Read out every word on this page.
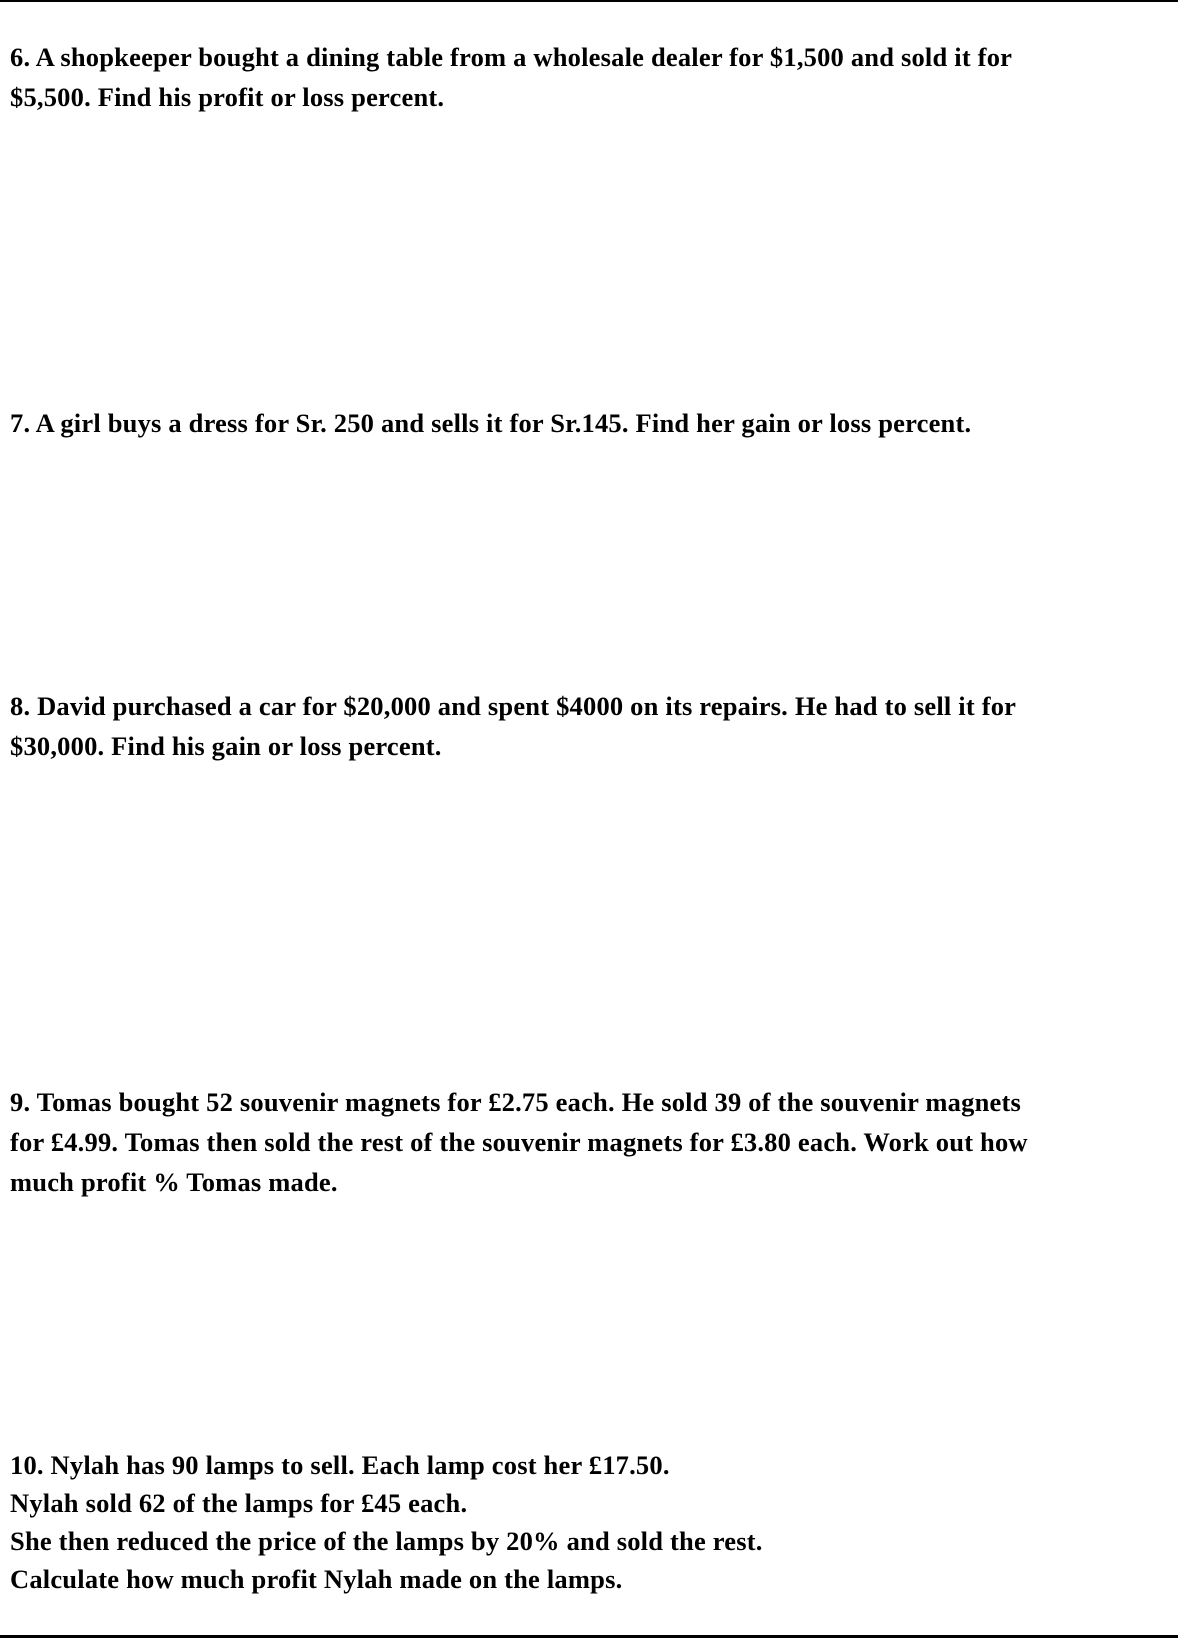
6. A shopkeeper bought a dining table from a wholesale dealer for $1,500 and sold it for
$5,500. Find his profit or loss percent.
7. A girl buys a dress for Sr. 250 and sells it for Sr.145. Find her gain or loss percent.
8. David purchased a car for $20,000 and spent $4000 on its repairs. He had to sell it for
$30,000. Find his gain or loss percent.
9. Tomas bought 52 souvenir magnets for £2.75 each. He sold 39 of the souvenir magnets
for £4.99. Tomas then sold the rest of the souvenir magnets for £3.80 each. Work out how
much profit % Tomas made.
10. Nylah has 90 lamps to sell. Each lamp cost her £17.50.
Nylah sold 62 of the lamps for £45 each.
She then reduced the price of the lamps by 20% and sold the rest.
Calculate how much profit Nylah made on the lamps.
